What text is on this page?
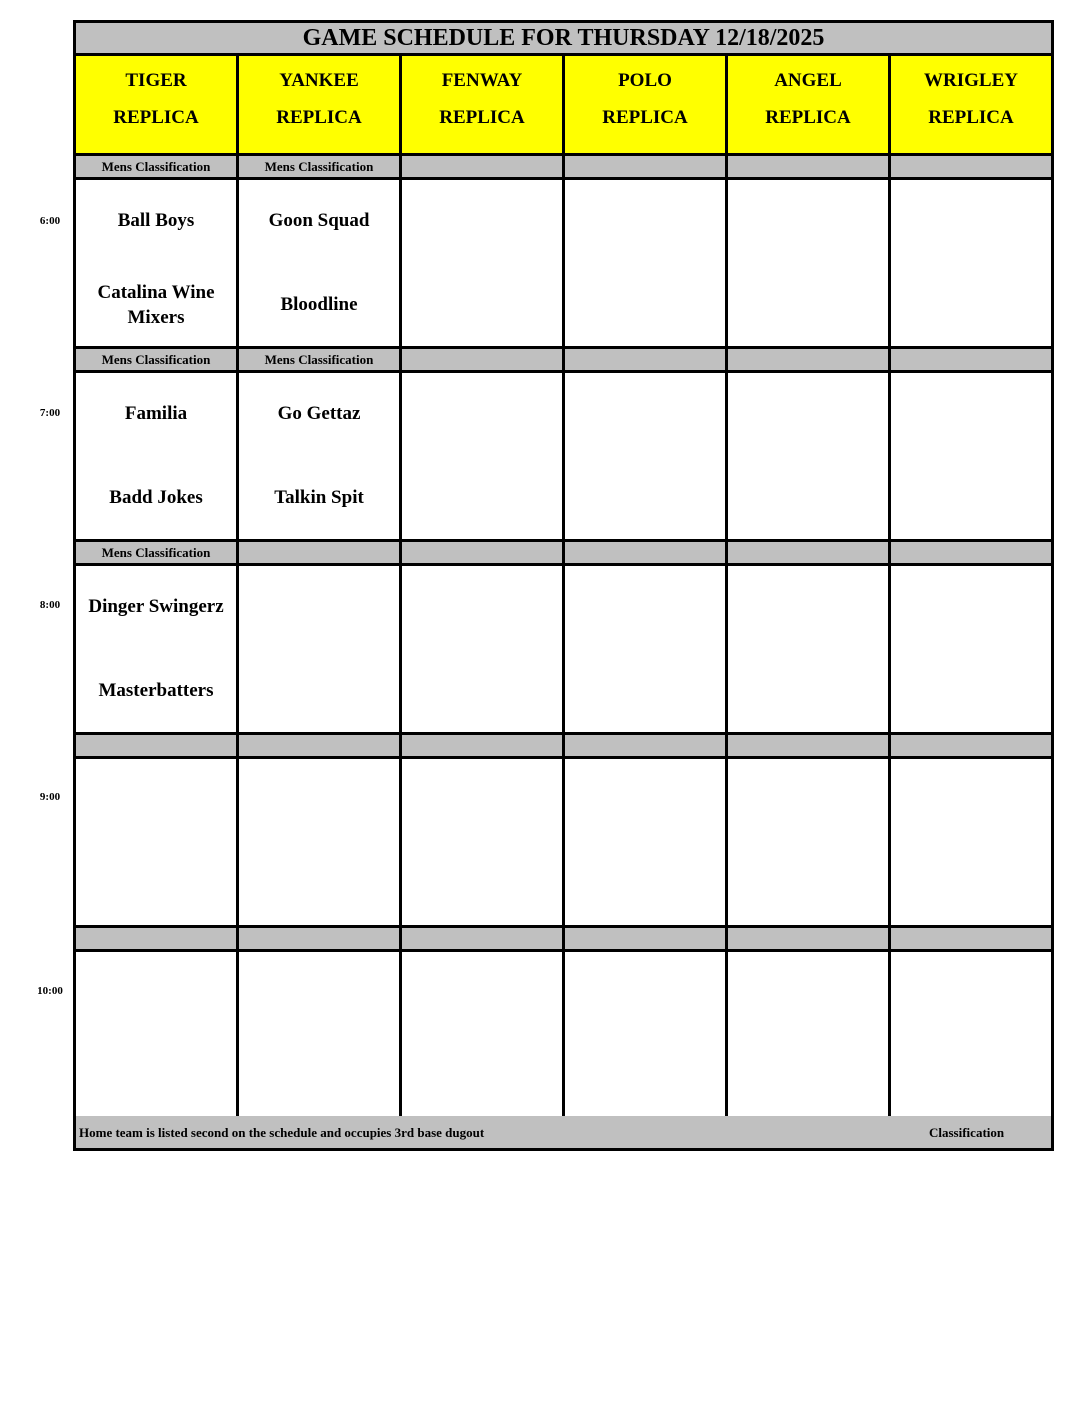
6:00
7:00
8:00
9:00
10:00
GAME SCHEDULE FOR THURSDAY 12/18/2025
TIGER
REPLICA
YANKEE
REPLICA
FENWAY
REPLICA
POLO
REPLICA
ANGEL
REPLICA
WRIGLEY
REPLICA
Mens Classification
Ball Boys
Catalina Wine Mixers
Mens Classification
Goon Squad
Bloodline
Mens Classification
Familia
Badd Jokes
Mens Classification
Go Gettaz
Talkin Spit
Mens Classification
Dinger Swingerz
Masterbatters
Home team is listed second on the schedule and occupies 3rd base dugout	Classification
